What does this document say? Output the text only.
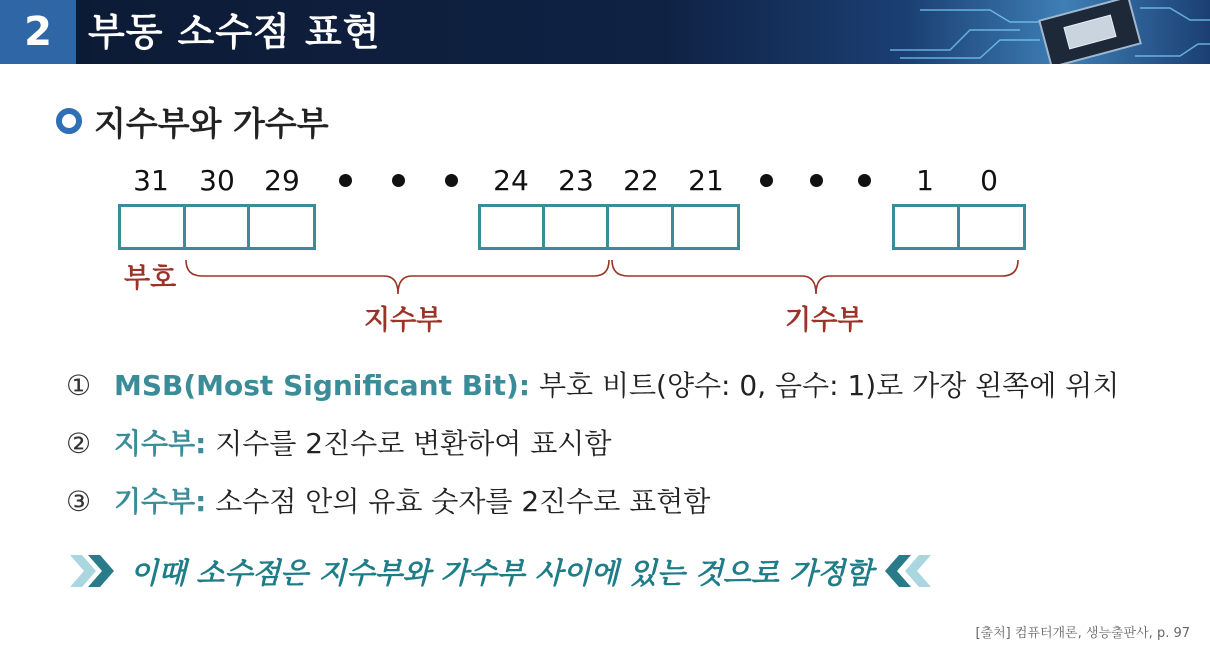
2 부동 소수점 표현
지수부와 가수부
31	30	29	24	23	22	21	1	0
부호
지수부	기수부
① MSB(Most Significant Bit): 부호 비트(양수: 0, 음수: 1)로 가장 왼쪽에 위치
② 지수부: 지수를 2진수로 변환하여 표시함
③ 기수부: 소수점 안의 유효 숫자를 2진수로 표현함
이때 소수점은 지수부와 가수부 사이에 있는 것으로 가정함
[출처] 컴퓨터개론, 생능출판사, p. 97
